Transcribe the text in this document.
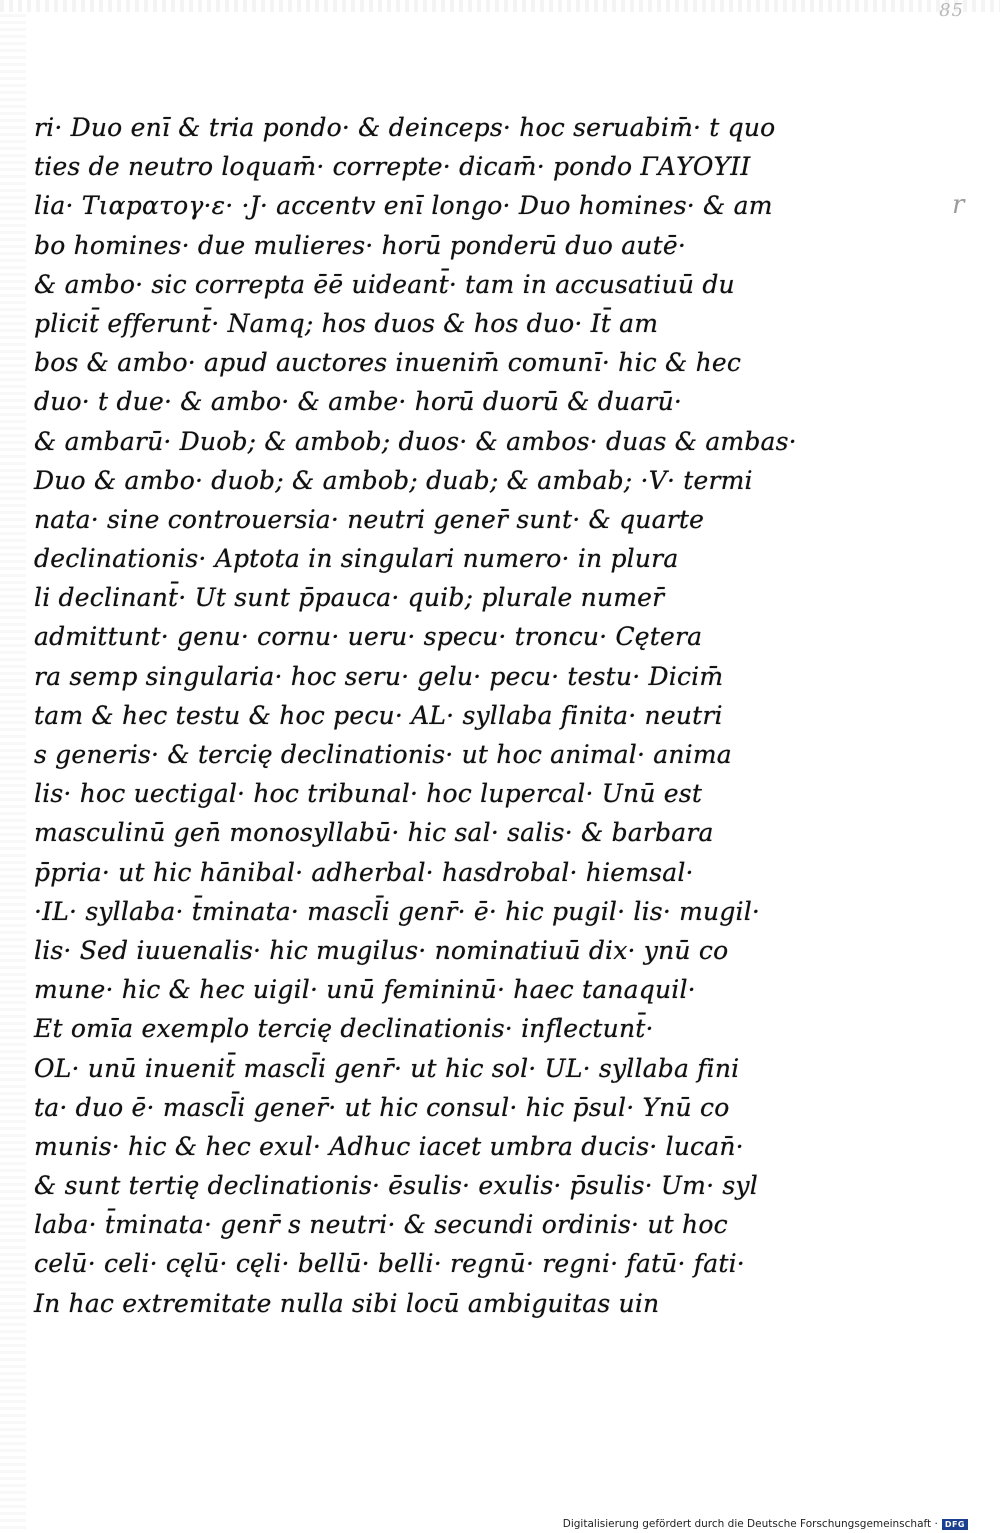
85
r
ri· Duo enī & tria pondo· & deinceps· hoc seruabim̄· t quo
ties de neutro loquam̄· correpte· dicam̄· pondo ΓΑΥΟΥΙΙ
lia· Τιαpατογ·ε· ·J· accentv enī longo· Duo homines· & am
bo homines· due mulieres· horū ponderū duo autē·
& ambo· sic correpta ēē uideant̄· tam in accusatiuū du
plicit̄ efferunt̄· Namq; hos duos & hos duo· It̄ am
bos & ambo· apud auctores inuenim̄ comunī· hic & hec
duo· t due· & ambo· & ambe· horū duorū & duarū·
& ambarū· Duob; & ambob; duos· & ambos· duas & ambas·
Duo & ambo· duob; & ambob; duab; & ambab; ·V· termi
nata· sine controuersia· neutri gener̄ sunt· & quarte
declinationis· Aptota in singulari numero· in plura
li declinant̄· Ut sunt p̄pauca· quib; plurale numer̄
admittunt· genu· cornu· ueru· specu· troncu· Cętera
ra semp singularia· hoc seru· gelu· pecu· testu· Dicim̄
tam & hec testu & hoc pecu· AL· syllaba finita· neutri
s generis· & tercię declinationis· ut hoc animal· anima
lis· hoc uectigal· hoc tribunal· hoc lupercal· Unū est
masculinū gen̄ monosyllabū· hic sal· salis· & barbara
p̄pria· ut hic hānibal· adherbal· hasdrobal· hiemsal·
·IL· syllaba· t̄minata· mascl̄i genr̄· ē· hic pugil· lis· mugil·
lis· Sed iuuenalis· hic mugilus· nominatiuū dix· ynū co
mune· hic & hec uigil· unū femininū· haec tanaquil·
Et omīa exemplo tercię declinationis· inflectunt̄·
OL· unū inuenit̄ mascl̄i genr̄· ut hic sol· UL· syllaba fini
ta· duo ē· mascl̄i gener̄· ut hic consul· hic p̄sul· Ynū co
munis· hic & hec exul· Adhuc iacet umbra ducis· lucan̄·
& sunt tertię declinationis· ēsulis· exulis· p̄sulis· Um· syl
laba· t̄minata· genr̄ s neutri· & secundi ordinis· ut hoc
celū· celi· cęlū· cęli· bellū· belli· regnū· regni· fatū· fati·
In hac extremitate nulla sibi locū ambiguitas uin
Digitalisierung gefördert durch die Deutsche Forschungsgemeinschaft · DFG
